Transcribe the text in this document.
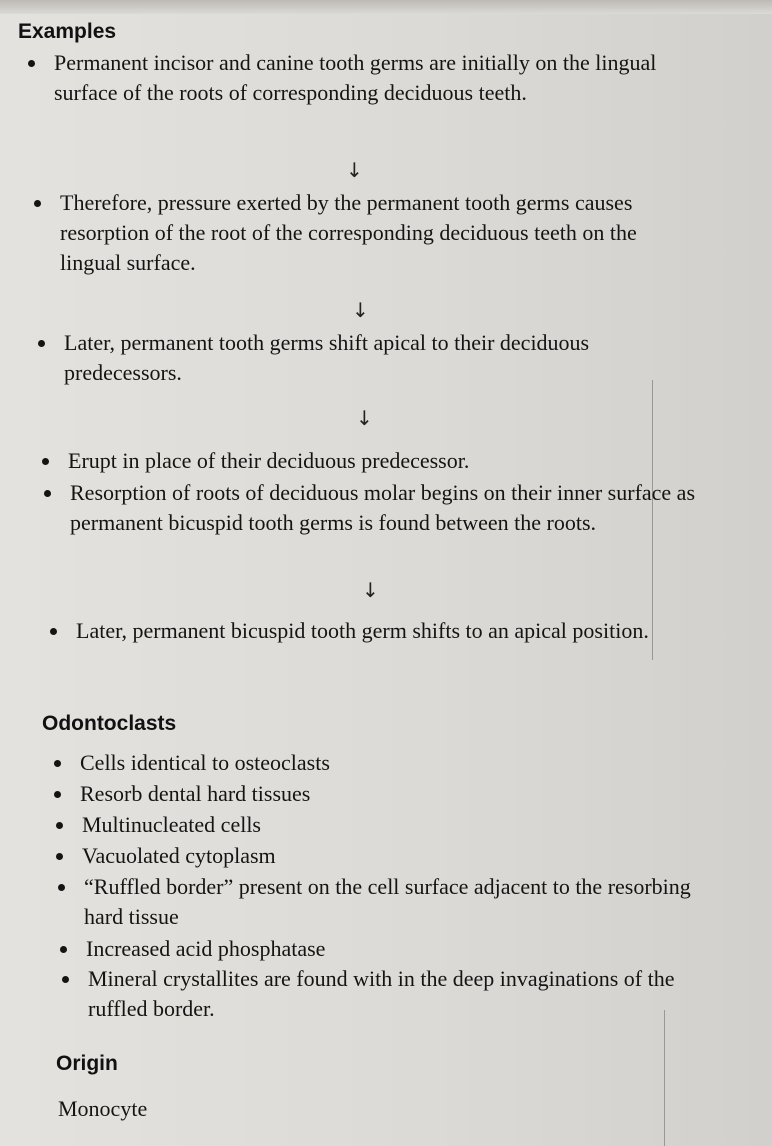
Examples
Permanent incisor and canine tooth germs are initially on the lingual surface of the roots of corresponding deciduous teeth.
↓
Therefore, pressure exerted by the permanent tooth germs causes resorption of the root of the corresponding deciduous teeth on the lingual surface.
↓
Later, permanent tooth germs shift apical to their deciduous predecessors.
↓
Erupt in place of their deciduous predecessor.
Resorption of roots of deciduous molar begins on their inner surface as permanent bicuspid tooth germs is found between the roots.
↓
Later, permanent bicuspid tooth germ shifts to an apical position.
Odontoclasts
Cells identical to osteoclasts
Resorb dental hard tissues
Multinucleated cells
Vacuolated cytoplasm
“Ruffled border” present on the cell surface adjacent to the resorbing hard tissue
Increased acid phosphatase
Mineral crystallites are found with in the deep invaginations of the ruffled border.
Origin
Monocyte
